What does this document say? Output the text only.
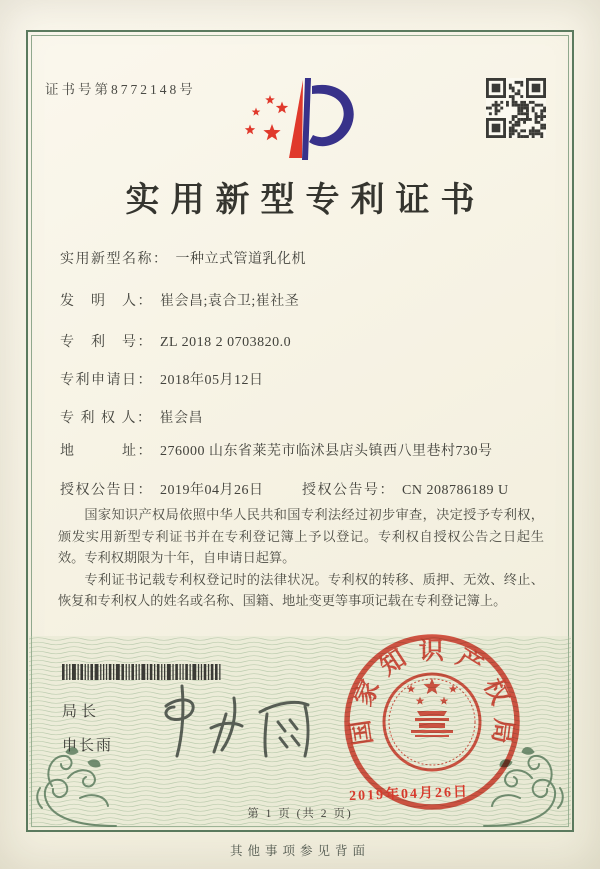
证书号第8772148号
实用新型专利证书
实用新型名称： 一种立式管道乳化机
发　明　人： 崔会昌;袁合卫;崔社圣
专　利　号： ZL 2018 2 0703820.0
专利申请日： 2018年05月12日
专 利 权 人： 崔会昌
地　　　址： 276000 山东省莱芜市临沭县店头镇西八里巷村730号
授权公告日： 2019年04月26日	授权公告号： CN 208786189 U

国家知识产权局依照中华人民共和国专利法经过初步审查，决定授予专利权，颁发实用新型专利证书并在专利登记簿上予以登记。专利权自授权公告之日起生效。专利权期限为十年，自申请日起算。

专利证书记载专利权登记时的法律状况。专利权的转移、质押、无效、终止、恢复和专利权人的姓名或名称、国籍、地址变更等事项记载在专利登记簿上。

局长
申长雨	国家知识产权局
2019年04月26日
第 1 页 (共 2 页)
其他事项参见背面
